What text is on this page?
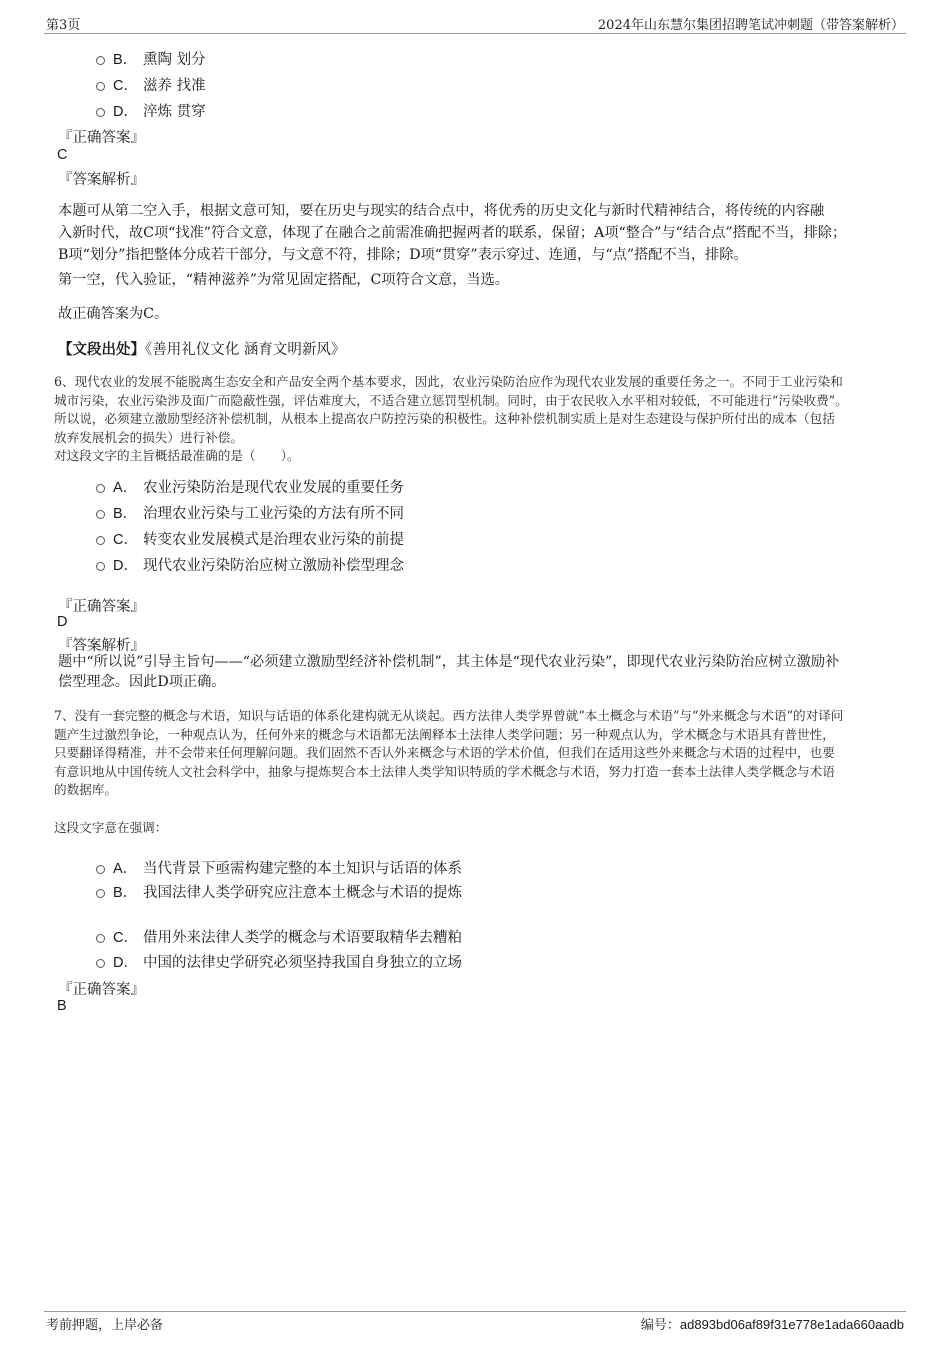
第3页	2024年山东慧尔集团招聘笔试冲刺题（带答案解析）
B． 熏陶 划分
C． 滋养 找准
D． 淬炼 贯穿
『正确答案』
C
『答案解析』
本题可从第二空入手，根据文意可知，要在历史与现实的结合点中，将优秀的历史文化与新时代精神结合，将传统的内容融
入新时代，故C项“找准”符合文意，体现了在融合之前需准确把握两者的联系，保留；A项“整合”与“结合点”搭配不当，排除；
B项“划分”指把整体分成若干部分，与文意不符，排除；D项“贯穿”表示穿过、连通，与“点”搭配不当，排除。
第一空，代入验证，“精神滋养”为常见固定搭配，C项符合文意，当选。
故正确答案为C。
【文段出处】《善用礼仪文化 涵育文明新风》
6、现代农业的发展不能脱离生态安全和产品安全两个基本要求，因此，农业污染防治应作为现代农业发展的重要任务之一。不同于工业污染和
城市污染，农业污染涉及面广而隐蔽性强，评估难度大，不适合建立惩罚型机制。同时，由于农民收入水平相对较低，不可能进行“污染收费”。
所以说，必须建立激励型经济补偿机制，从根本上提高农户防控污染的积极性。这种补偿机制实质上是对生态建设与保护所付出的成本（包括
放弃发展机会的损失）进行补偿。
对这段文字的主旨概括最准确的是（　　）。
A． 农业污染防治是现代农业发展的重要任务
B． 治理农业污染与工业污染的方法有所不同
C． 转变农业发展模式是治理农业污染的前提
D． 现代农业污染防治应树立激励补偿型理念
『正确答案』
D
『答案解析』
题中“所以说”引导主旨句——“必须建立激励型经济补偿机制”，其主体是“现代农业污染”，即现代农业污染防治应树立激励补
偿型理念。因此D项正确。
7、没有一套完整的概念与术语，知识与话语的体系化建构就无从谈起。西方法律人类学界曾就“本土概念与术语”与“外来概念与术语”的对译问
题产生过激烈争论，一种观点认为，任何外来的概念与术语都无法阐释本土法律人类学问题；另一种观点认为，学术概念与术语具有普世性，
只要翻译得精准，并不会带来任何理解问题。我们固然不否认外来概念与术语的学术价值，但我们在适用这些外来概念与术语的过程中，也要
有意识地从中国传统人文社会科学中，抽象与提炼契合本土法律人类学知识特质的学术概念与术语，努力打造一套本土法律人类学概念与术语
的数据库。
这段文字意在强调：
A． 当代背景下亟需构建完整的本土知识与话语的体系
B． 我国法律人类学研究应注意本土概念与术语的提炼
C． 借用外来法律人类学的概念与术语要取精华去糟粕
D． 中国的法律史学研究必须坚持我国自身独立的立场
『正确答案』
B
考前押题，上岸必备	编号：ad893bd06af89f31e778e1ada660aadb
